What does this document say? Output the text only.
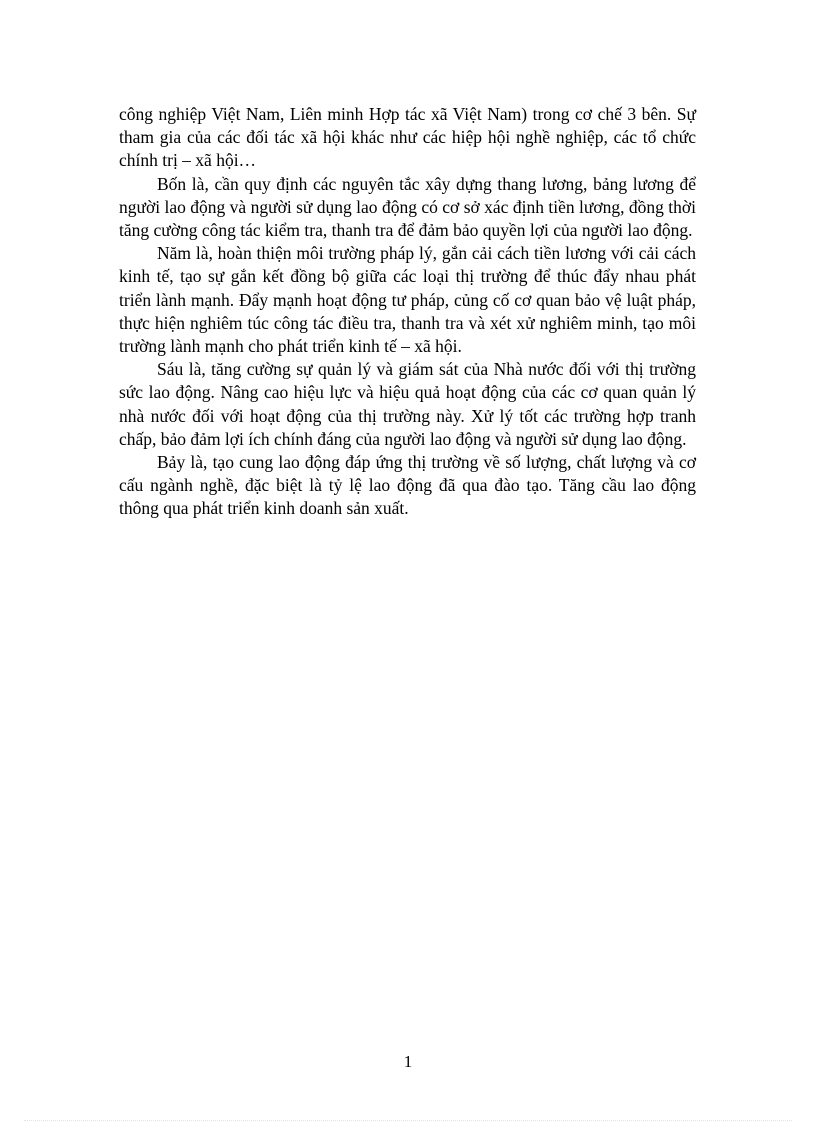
công nghiệp Việt Nam, Liên minh Hợp tác xã Việt Nam) trong cơ chế 3 bên. Sự tham gia của các đối tác xã hội khác như các hiệp hội nghề nghiệp, các tổ chức chính trị – xã hội…

Bốn là, cần quy định các nguyên tắc xây dựng thang lương, bảng lương để người lao động và người sử dụng lao động có cơ sở xác định tiền lương, đồng thời tăng cường công tác kiểm tra, thanh tra để đảm bảo quyền lợi của người lao động.

Năm là, hoàn thiện môi trường pháp lý, gắn cải cách tiền lương với cải cách kinh tế, tạo sự gắn kết đồng bộ giữa các loại thị trường để thúc đẩy nhau phát triển lành mạnh. Đẩy mạnh hoạt động tư pháp, củng cố cơ quan bảo vệ luật pháp, thực hiện nghiêm túc công tác điều tra, thanh tra và xét xử nghiêm minh, tạo môi trường lành mạnh cho phát triển kinh tế – xã hội.

Sáu là, tăng cường sự quản lý và giám sát của Nhà nước đối với thị trường sức lao động. Nâng cao hiệu lực và hiệu quả hoạt động của các cơ quan quản lý nhà nước đối với hoạt động của thị trường này. Xử lý tốt các trường hợp tranh chấp, bảo đảm lợi ích chính đáng của người lao động và người sử dụng lao động.

Bảy là, tạo cung lao động đáp ứng thị trường về số lượng, chất lượng và cơ cấu ngành nghề, đặc biệt là tỷ lệ lao động đã qua đào tạo. Tăng cầu lao động thông qua phát triển kinh doanh sản xuất.

1
